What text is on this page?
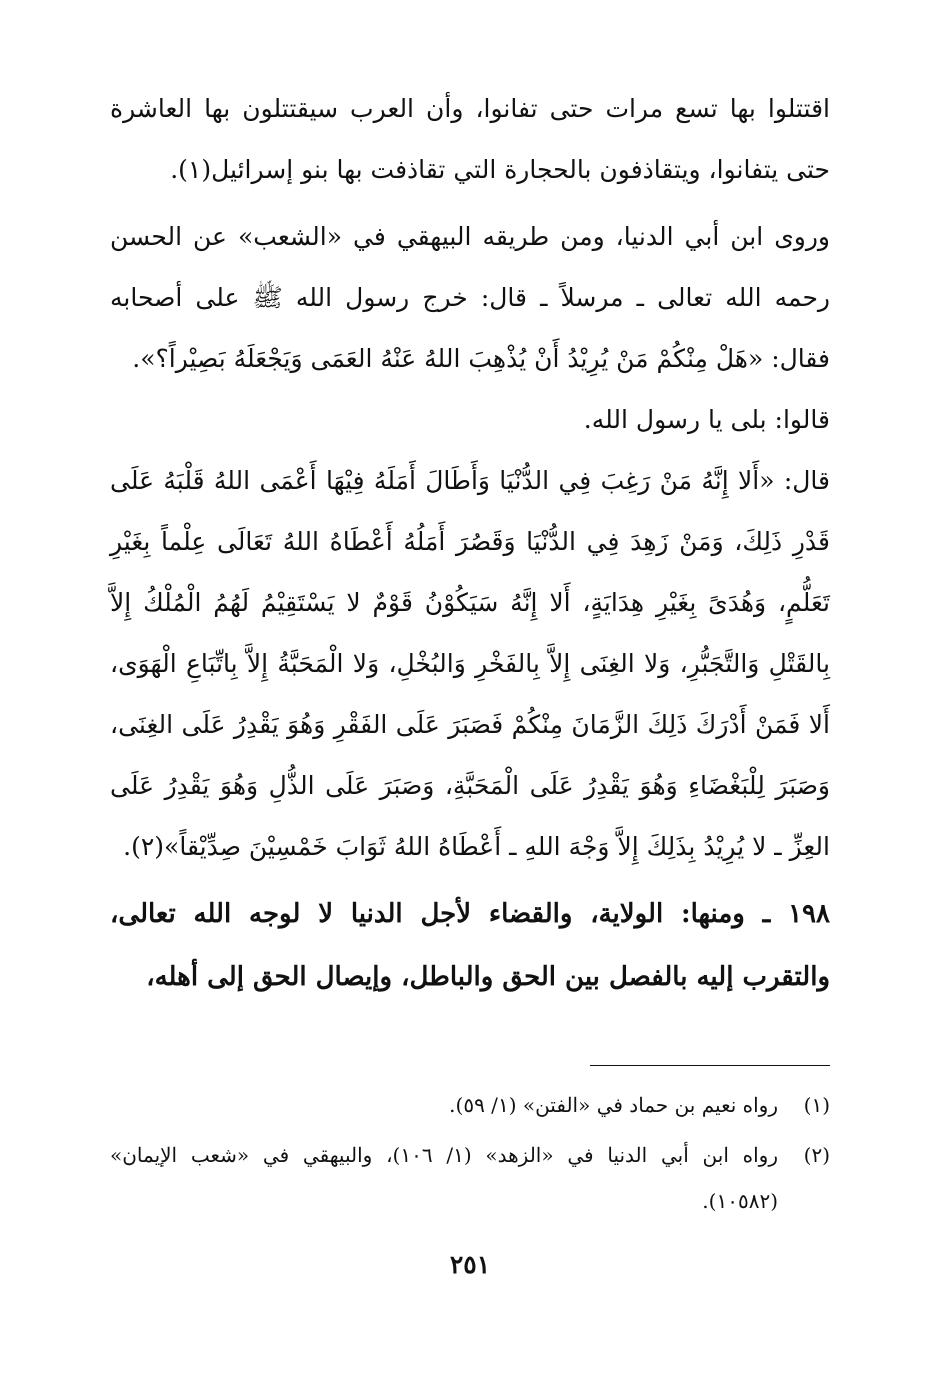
اقتتلوا بها تسع مرات حتى تفانوا، وأن العرب سيقتتلون بها العاشرة حتى يتفانوا، ويتقاذفون بالحجارة التي تقاذفت بها بنو إسرائيل(١).

وروى ابن أبي الدنيا، ومن طريقه البيهقي في «الشعب» عن الحسن رحمه الله تعالى ـ مرسلاً ـ قال: خرج رسول الله ﷺ على أصحابه فقال: «هَلْ مِنْكُمْ مَنْ يُرِيْدُ أَنْ يُذْهِبَ اللهُ عَنْهُ العَمَى وَيَجْعَلَهُ بَصِيْراً؟».

قالوا: بلى يا رسول الله.

قال: «أَلا إِنَّهُ مَنْ رَغِبَ فِي الدُّنْيَا وَأَطَالَ أَمَلَهُ فِيْهَا أَعْمَى اللهُ قَلْبَهُ عَلَى قَدْرِ ذَلِكَ، وَمَنْ زَهِدَ فِي الدُّنْيَا وَقَصُرَ أَمَلُهُ أَعْطَاهُ اللهُ تَعَالَى عِلْماً بِغَيْرِ تَعَلُّمٍ، وَهُدَىً بِغَيْرِ هِدَايَةٍ، أَلا إِنَّهُ سَيَكُوْنُ قَوْمٌ لا يَسْتَقِيْمُ لَهُمُ الْمُلْكُ إِلاَّ بِالقَتْلِ وَالتَّجَبُّرِ، وَلا الغِنَى إِلاَّ بِالفَخْرِ وَالبُخْلِ، وَلا الْمَحَبَّةُ إِلاَّ بِاتِّبَاعِ الْهَوَى، أَلا فَمَنْ أَدْرَكَ ذَلِكَ الزَّمَانَ مِنْكُمْ فَصَبَرَ عَلَى الفَقْرِ وَهُوَ يَقْدِرُ عَلَى الغِنَى، وَصَبَرَ لِلْبَغْضَاءِ وَهُوَ يَقْدِرُ عَلَى الْمَحَبَّةِ، وَصَبَرَ عَلَى الذُّلِ وَهُوَ يَقْدِرُ عَلَى العِزِّ ـ لا يُرِيْدُ بِذَلِكَ إِلاَّ وَجْهَ اللهِ ـ أَعْطَاهُ اللهُ ثَوَابَ خَمْسِيْنَ صِدِّيْقاً»(٢).

١٩٨ ـ ومنها: الولاية، والقضاء لأجل الدنيا لا لوجه الله تعالى، والتقرب إليه بالفصل بين الحق والباطل، وإيصال الحق إلى أهله،

(١)
رواه نعيم بن حماد في «الفتن» (١/ ٥٩).
(٢)
رواه ابن أبي الدنيا في «الزهد» (١/ ١٠٦)، والبيهقي في «شعب الإيمان» (١٠٥٨٢).
٢٥١
